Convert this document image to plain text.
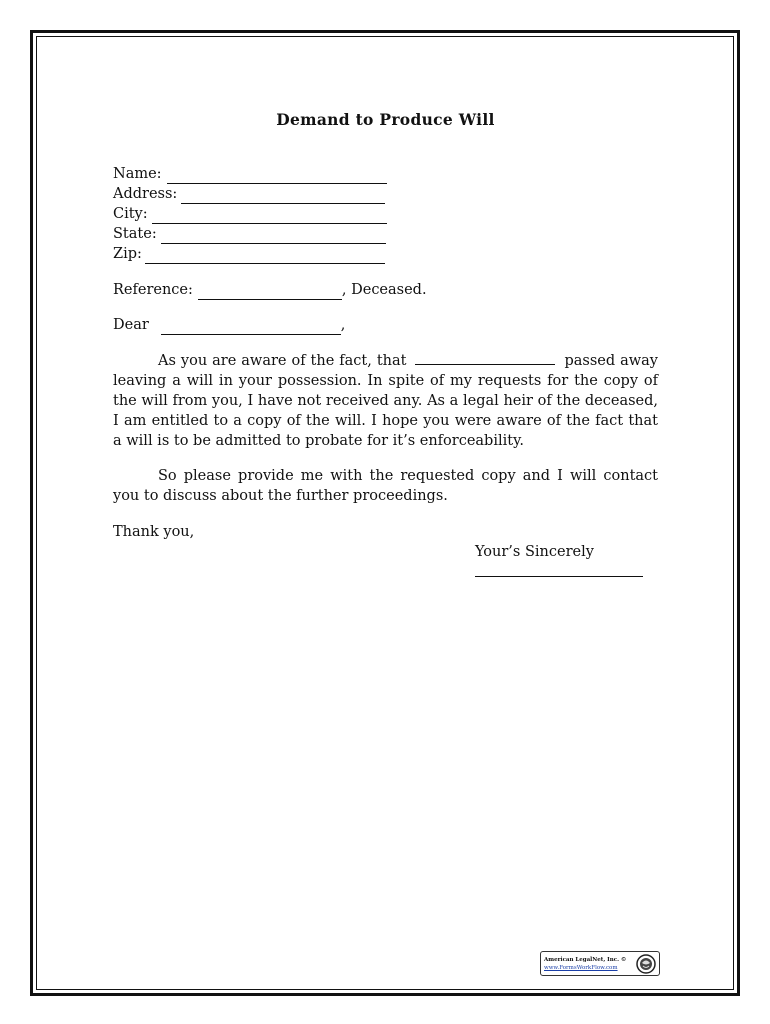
Demand to Produce Will
Name:
Address:
City:
State:
Zip:
Reference:	, Deceased.
Dear	,
As you are aware of the fact, that	passed away leaving a will in your possession. In spite of my requests for the copy of the will from you, I have not received any. As a legal heir of the deceased, I am entitled to a copy of the will. I hope you were aware of the fact that a will is to be admitted to probate for it’s enforceability.
So please provide me with the requested copy and I will contact you to discuss about the further proceedings.
Thank you,
Your’s Sincerely
American LegalNet, Inc. ©
www.FormsWorkFlow.com
